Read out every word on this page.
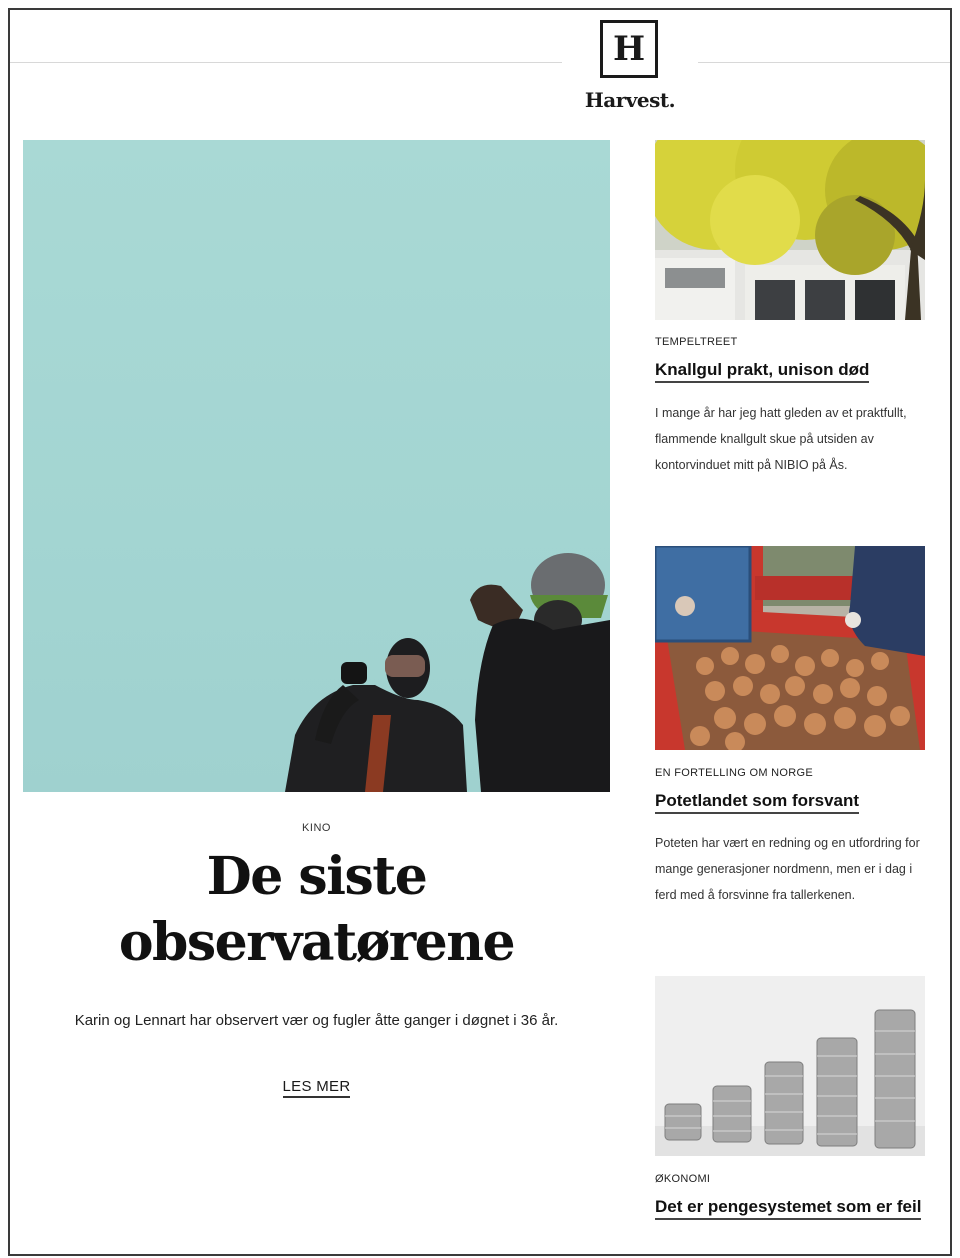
H
Harvest.
KINO
De siste observatørene
Karin og Lennart har observert vær og fugler åtte ganger i døgnet i 36 år.
LES MER
TEMPELTREET
Knallgul prakt, unison død
I mange år har jeg hatt gleden av et praktfullt, flammende knallgult skue på utsiden av kontorvinduet mitt på NIBIO på Ås.
EN FORTELLING OM NORGE
Potetlandet som forsvant
Poteten har vært en redning og en utfordring for mange generasjoner nordmenn, men er i dag i ferd med å forsvinne fra tallerkenen.
ØKONOMI
Det er pengesystemet som er feil
